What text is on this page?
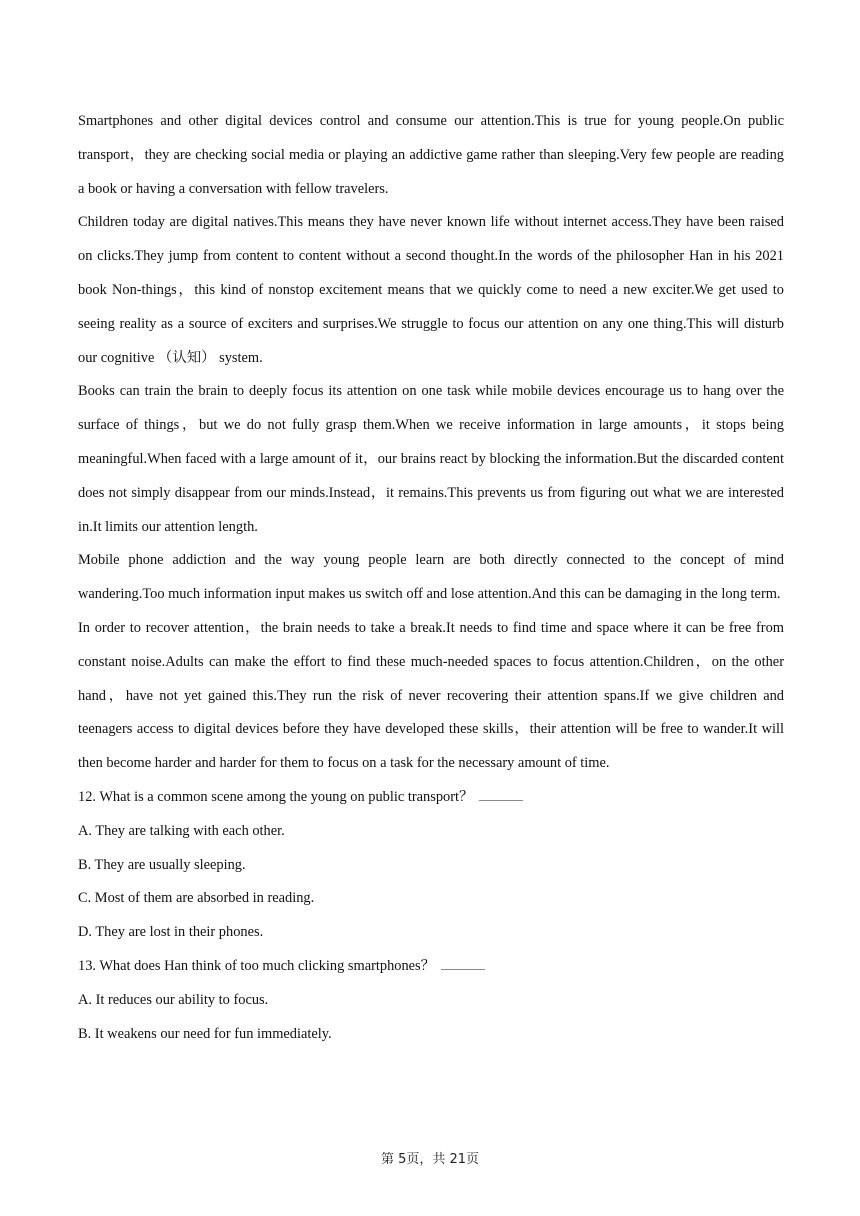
Smartphones and other digital devices control and consume our attention.This is true for young people.On public transport，they are checking social media or playing an addictive game rather than sleeping.Very few people are reading a book or having a conversation with fellow travelers.

Children today are digital natives.This means they have never known life without internet access.They have been raised on clicks.They jump from content to content without a second thought.In the words of the philosopher Han in his 2021 book Non-things，this kind of nonstop excitement means that we quickly come to need a new exciter.We get used to seeing reality as a source of exciters and surprises.We struggle to focus our attention on any one thing.This will disturb our cognitive （认知） system.

Books can train the brain to deeply focus its attention on one task while mobile devices encourage us to hang over the surface of things，but we do not fully grasp them.When we receive information in large amounts，it stops being meaningful.When faced with a large amount of it，our brains react by blocking the information.But the discarded content does not simply disappear from our minds.Instead，it remains.This prevents us from figuring out what we are interested in.It limits our attention length.

Mobile phone addiction and the way young people learn are both directly connected to the concept of mind wandering.Too much information input makes us switch off and lose attention.And this can be damaging in the long term.

In order to recover attention，the brain needs to take a break.It needs to find time and space where it can be free from constant noise.Adults can make the effort to find these much-needed spaces to focus attention.Children，on the other hand，have not yet gained this.They run the risk of never recovering their attention spans.If we give children and teenagers access to digital devices before they have developed these skills，their attention will be free to wander.It will then become harder and harder for them to focus on a task for the necessary amount of time.

12. What is a common scene among the young on public transport？

A. They are talking with each other.

B. They are usually sleeping.

C. Most of them are absorbed in reading.

D. They are lost in their phones.

13. What does Han think of too much clicking smartphones？

A. It reduces our ability to focus.

B. It weakens our need for fun immediately.

第 5页，共 21页
